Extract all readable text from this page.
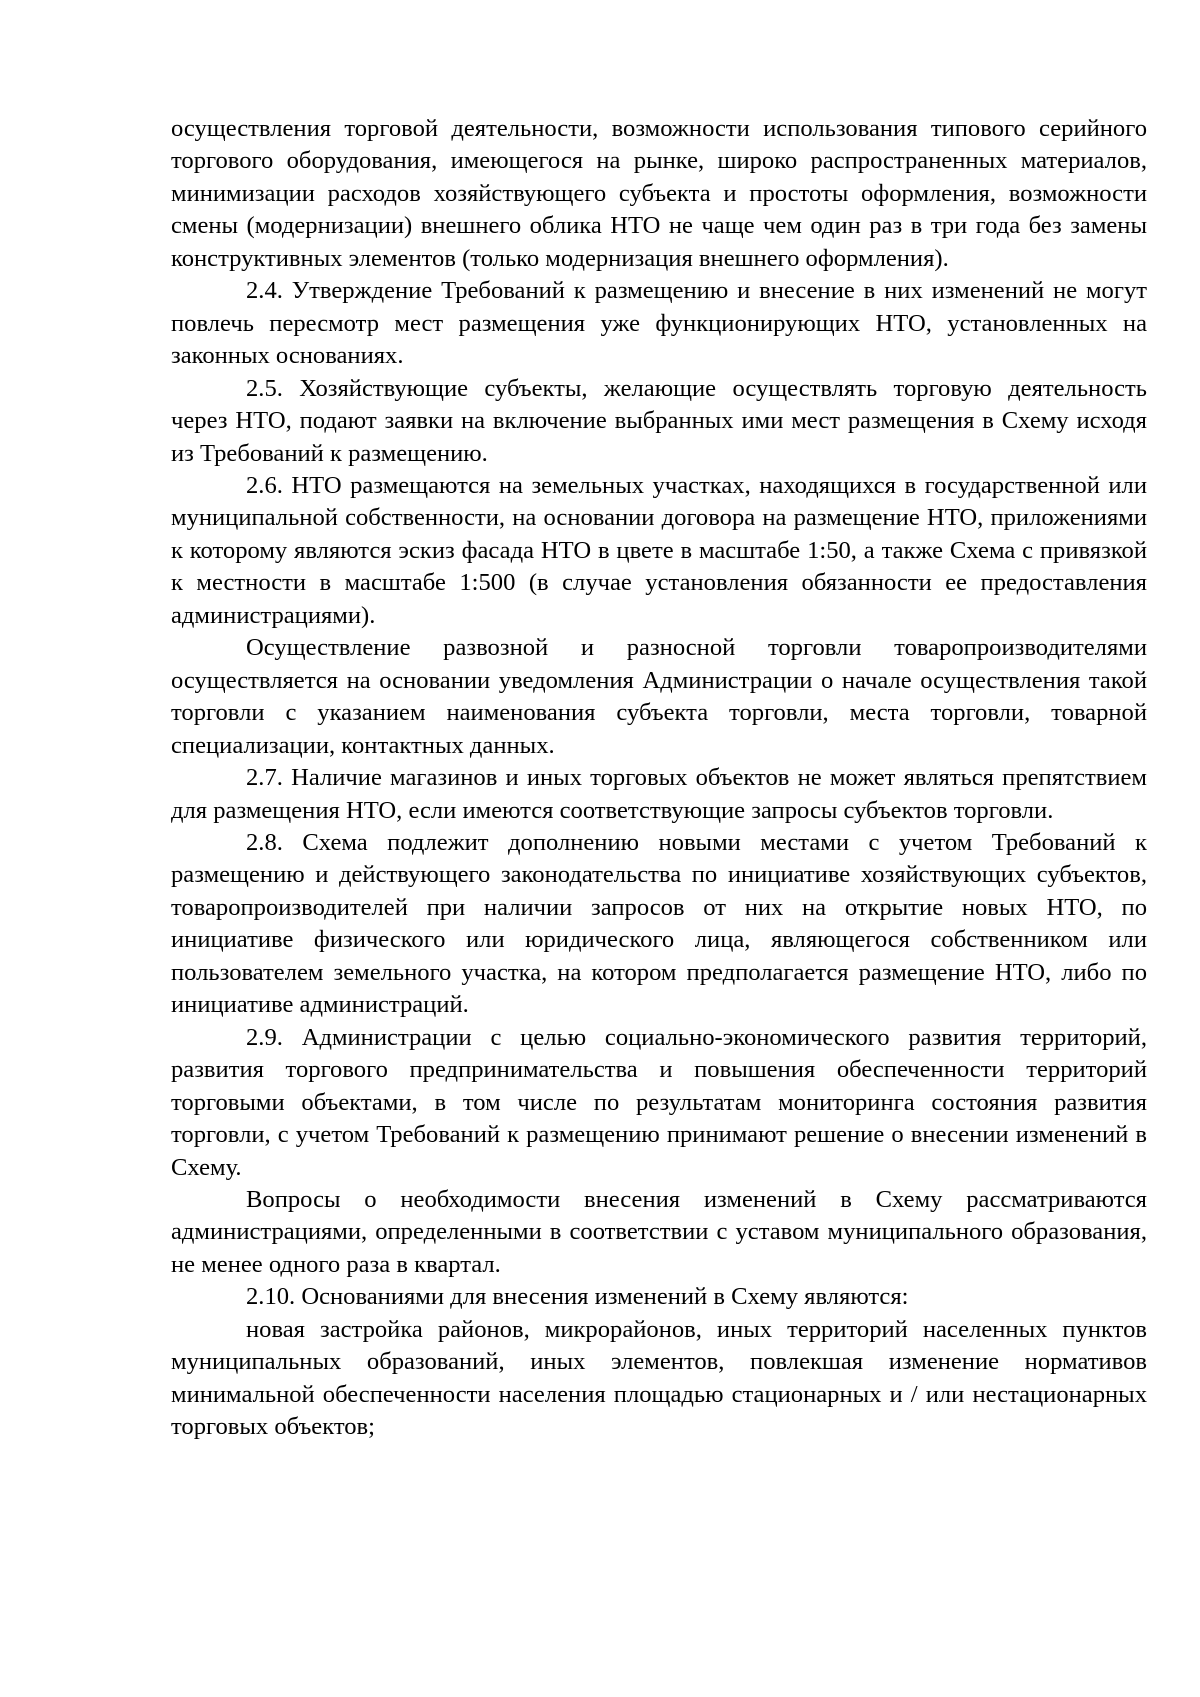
осуществления торговой деятельности, возможности использования типового серийного торгового оборудования, имеющегося на рынке, широко распространенных материалов, минимизации расходов хозяйствующего субъекта и простоты оформления, возможности смены (модернизации) внешнего облика НТО не чаще чем один раз в три года без замены конструктивных элементов (только модернизация внешнего оформления).

2.4. Утверждение Требований к размещению и внесение в них изменений не могут повлечь пересмотр мест размещения уже функционирующих НТО, установленных на законных основаниях.

2.5. Хозяйствующие субъекты, желающие осуществлять торговую деятельность через НТО, подают заявки на включение выбранных ими мест размещения в Схему исходя из Требований к размещению.

2.6. НТО размещаются на земельных участках, находящихся в государственной или муниципальной собственности, на основании договора на размещение НТО, приложениями к которому являются эскиз фасада НТО в цвете в масштабе 1:50, а также Схема с привязкой к местности в масштабе 1:500 (в случае установления обязанности ее предоставления администрациями).

Осуществление развозной и разносной торговли товаропроизводителями осуществляется на основании уведомления Администрации о начале осуществления такой торговли с указанием наименования субъекта торговли, места торговли, товарной специализации, контактных данных.

2.7. Наличие магазинов и иных торговых объектов не может являться препятствием для размещения НТО, если имеются соответствующие запросы субъектов торговли.

2.8. Схема подлежит дополнению новыми местами с учетом Требований к размещению и действующего законодательства по инициативе хозяйствующих субъектов, товаропроизводителей при наличии запросов от них на открытие новых НТО, по инициативе физического или юридического лица, являющегося собственником или пользователем земельного участка, на котором предполагается размещение НТО, либо по инициативе администраций.

2.9. Администрации с целью социально-экономического развития территорий, развития торгового предпринимательства и повышения обеспеченности территорий торговыми объектами, в том числе по результатам мониторинга состояния развития торговли, с учетом Требований к размещению принимают решение о внесении изменений в Схему.

Вопросы о необходимости внесения изменений в Схему рассматриваются администрациями, определенными в соответствии с уставом муниципального образования, не менее одного раза в квартал.

2.10. Основаниями для внесения изменений в Схему являются:

новая застройка районов, микрорайонов, иных территорий населенных пунктов муниципальных образований, иных элементов, повлекшая изменение нормативов минимальной обеспеченности населения площадью стационарных и / или нестационарных торговых объектов;
